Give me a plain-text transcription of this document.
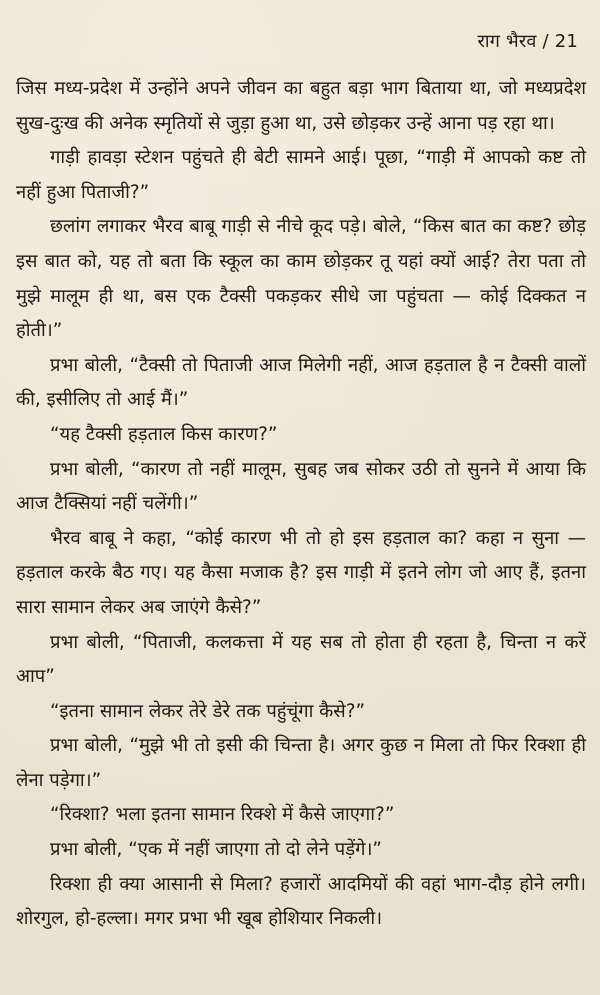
राग भैरव / 21

जिस मध्य-प्रदेश में उन्होंने अपने जीवन का बहुत बड़ा भाग बिताया था, जो मध्यप्रदेश सुख-दुःख की अनेक स्मृतियों से जुड़ा हुआ था, उसे छोड़कर उन्हें आना पड़ रहा था।

गाड़ी हावड़ा स्टेशन पहुंचते ही बेटी सामने आई। पूछा, “गाड़ी में आपको कष्ट तो नहीं हुआ पिताजी?”

छलांग लगाकर भैरव बाबू गाड़ी से नीचे कूद पड़े। बोले, “किस बात का कष्ट? छोड़ इस बात को, यह तो बता कि स्कूल का काम छोड़कर तू यहां क्यों आई? तेरा पता तो मुझे मालूम ही था, बस एक टैक्सी पकड़कर सीधे जा पहुंचता — कोई दिक्कत न होती।”

प्रभा बोली, “टैक्सी तो पिताजी आज मिलेगी नहीं, आज हड़ताल है न टैक्सी वालों की, इसीलिए तो आई मैं।”

“यह टैक्सी हड़ताल किस कारण?”

प्रभा बोली, “कारण तो नहीं मालूम, सुबह जब सोकर उठी तो सुनने में आया कि आज टैक्सियां नहीं चलेंगी।”

भैरव बाबू ने कहा, “कोई कारण भी तो हो इस हड़ताल का? कहा न सुना — हड़ताल करके बैठ गए। यह कैसा मजाक है? इस गाड़ी में इतने लोग जो आए हैं, इतना सारा सामान लेकर अब जाएंगे कैसे?”

प्रभा बोली, “पिताजी, कलकत्ता में यह सब तो होता ही रहता है, चिन्ता न करें आप”

“इतना सामान लेकर तेरे डेरे तक पहुंचूंगा कैसे?”

प्रभा बोली, “मुझे भी तो इसी की चिन्ता है। अगर कुछ न मिला तो फिर रिक्शा ही लेना पड़ेगा।”

“रिक्शा? भला इतना सामान रिक्शे में कैसे जाएगा?”

प्रभा बोली, “एक में नहीं जाएगा तो दो लेने पड़ेंगे।”

रिक्शा ही क्या आसानी से मिला? हजारों आदमियों की वहां भाग-दौड़ होने लगी। शोरगुल, हो-हल्ला। मगर प्रभा भी खूब होशियार निकली।
